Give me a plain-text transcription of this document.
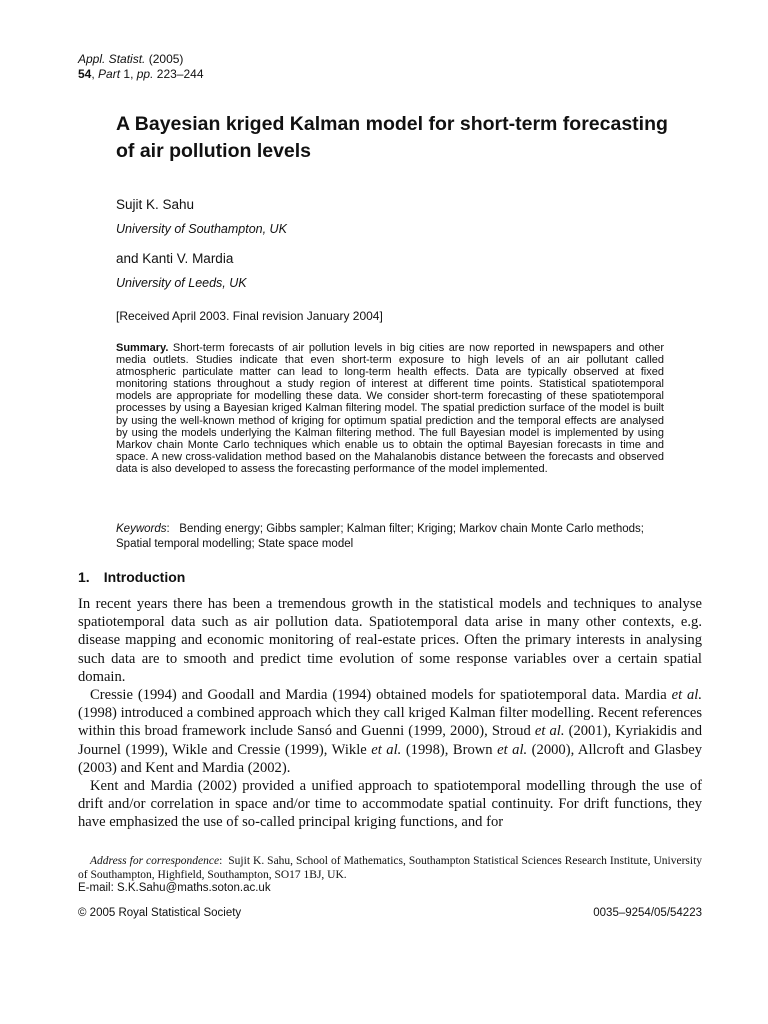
Appl. Statist. (2005)
54, Part 1, pp. 223–244
A Bayesian kriged Kalman model for short-term forecasting of air pollution levels
Sujit K. Sahu
University of Southampton, UK
and Kanti V. Mardia
University of Leeds, UK
[Received April 2003. Final revision January 2004]

Summary. Short-term forecasts of air pollution levels in big cities are now reported in newspapers and other media outlets. Studies indicate that even short-term exposure to high levels of an air pollutant called atmospheric particulate matter can lead to long-term health effects. Data are typically observed at fixed monitoring stations throughout a study region of interest at different time points. Statistical spatiotemporal models are appropriate for modelling these data. We consider short-term forecasting of these spatiotemporal processes by using a Bayesian kriged Kalman filtering model. The spatial prediction surface of the model is built by using the well-known method of kriging for optimum spatial prediction and the temporal effects are analysed by using the models underlying the Kalman filtering method. The full Bayesian model is implemented by using Markov chain Monte Carlo techniques which enable us to obtain the optimal Bayesian forecasts in time and space. A new cross-validation method based on the Mahalanobis distance between the forecasts and observed data is also developed to assess the forecasting performance of the model implemented.

Keywords:   Bending energy; Gibbs sampler; Kalman filter; Kriging; Markov chain Monte Carlo methods; Spatial temporal modelling; State space model

1. Introduction

In recent years there has been a tremendous growth in the statistical models and techniques to analyse spatiotemporal data such as air pollution data. Spatiotemporal data arise in many other contexts, e.g. disease mapping and economic monitoring of real-estate prices. Often the primary interests in analysing such data are to smooth and predict time evolution of some response variables over a certain spatial domain.

Cressie (1994) and Goodall and Mardia (1994) obtained models for spatiotemporal data. Mardia et al. (1998) introduced a combined approach which they call kriged Kalman filter modelling. Recent references within this broad framework include Sansó and Guenni (1999, 2000), Stroud et al. (2001), Kyriakidis and Journel (1999), Wikle and Cressie (1999), Wikle et al. (1998), Brown et al. (2000), Allcroft and Glasbey (2003) and Kent and Mardia (2002).

Kent and Mardia (2002) provided a unified approach to spatiotemporal modelling through the use of drift and/or correlation in space and/or time to accommodate spatial continuity. For drift functions, they have emphasized the use of so-called principal kriging functions, and for

Address for correspondence:  Sujit K. Sahu, School of Mathematics, Southampton Statistical Sciences Research Institute, University of Southampton, Highfield, Southampton, SO17 1BJ, UK.
E-mail: S.K.Sahu@maths.soton.ac.uk
© 2005 Royal Statistical Society	0035–9254/05/54223
